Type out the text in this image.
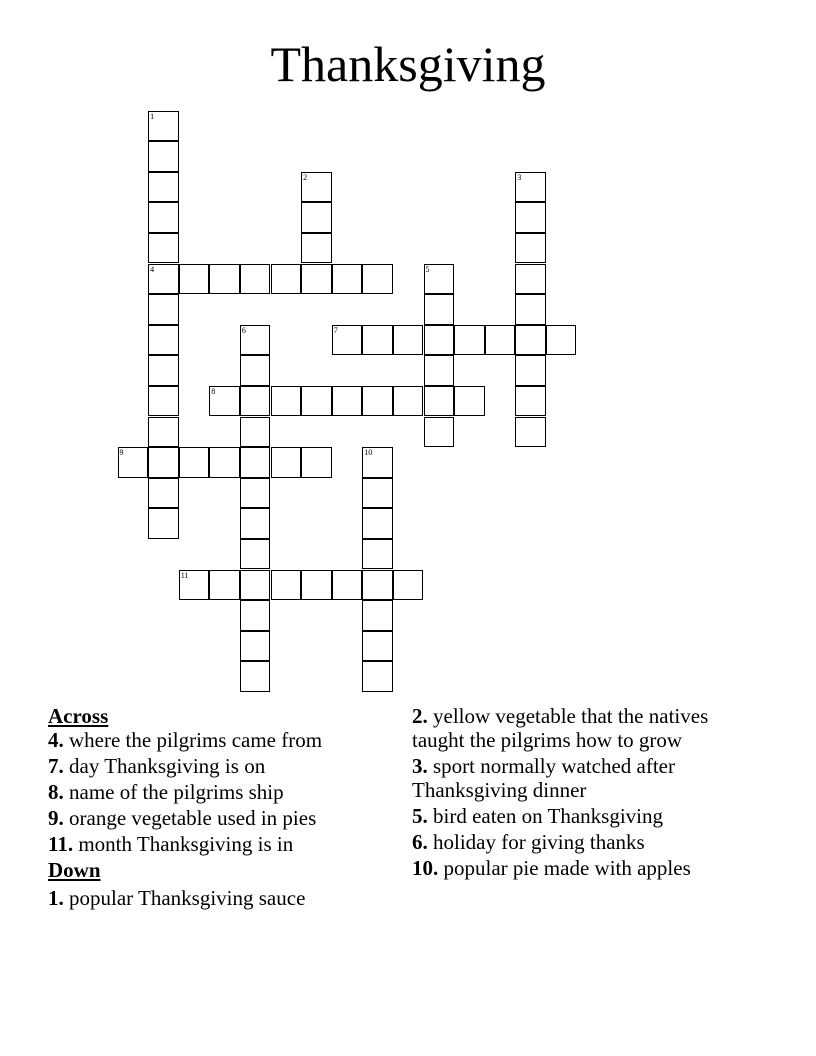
Thanksgiving
1
4
2	3
5
6	7
8
9	10
11
Across
4. where the pilgrims came from
7. day Thanksgiving is on
8. name of the pilgrims ship
9. orange vegetable used in pies
11. month Thanksgiving is in
Down
1. popular Thanksgiving sauce
2. yellow vegetable that the natives taught the pilgrims how to grow
3. sport normally watched after Thanksgiving dinner
5. bird eaten on Thanksgiving
6. holiday for giving thanks
10. popular pie made with apples
